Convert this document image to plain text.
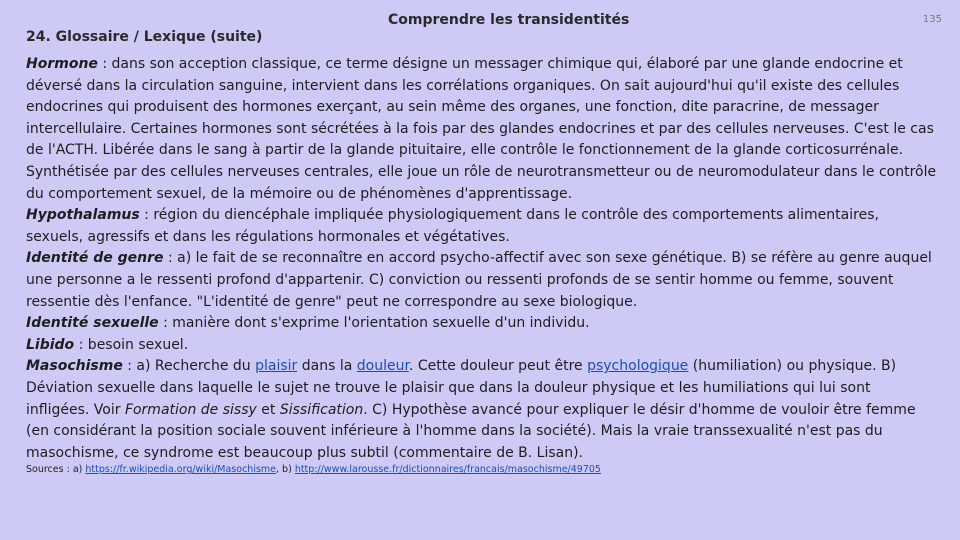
24. Glossaire / Lexique (suite)
Comprendre les transidentités	135

Hormone : dans son acception classique, ce terme désigne un messager chimique qui, élaboré par une glande endocrine et déversé dans la circulation sanguine, intervient dans les corrélations organiques. On sait aujourd'hui qu'il existe des cellules endocrines qui produisent des hormones exerçant, au sein même des organes, une fonction, dite paracrine, de messager intercellulaire. Certaines hormones sont sécrétées à la fois par des glandes endocrines et par des cellules nerveuses. C'est le cas de l'ACTH. Libérée dans le sang à partir de la glande pituitaire, elle contrôle le fonctionnement de la glande corticosurrénale. Synthétisée par des cellules nerveuses centrales, elle joue un rôle de neurotransmetteur ou de neuromodulateur dans le contrôle du comportement sexuel, de la mémoire ou de phénomènes d'apprentissage.

Hypothalamus : région du diencéphale impliquée physiologiquement dans le contrôle des comportements alimentaires, sexuels, agressifs et dans les régulations hormonales et végétatives.

Identité de genre : a) le fait de se reconnaître en accord psycho-affectif avec son sexe génétique. B) se réfère au genre auquel une personne a le ressenti profond d'appartenir. C) conviction ou ressenti profonds de se sentir homme ou femme, souvent ressentie dès l'enfance. "L'identité de genre" peut ne correspondre au sexe biologique.

Identité sexuelle : manière dont s'exprime l'orientation sexuelle d'un individu.

Libido : besoin sexuel.

Masochisme : a) Recherche du plaisir dans la douleur. Cette douleur peut être psychologique (humiliation) ou physique. B) Déviation sexuelle dans laquelle le sujet ne trouve le plaisir que dans la douleur physique et les humiliations qui lui sont infligées. Voir Formation de sissy et Sissification. C) Hypothèse avancé pour expliquer le désir d'homme de vouloir être femme (en considérant la position sociale souvent inférieure à l'homme dans la société). Mais la vraie transsexualité n'est pas du masochisme, ce syndrome est beaucoup plus subtil (commentaire de B. Lisan).

Sources : a) https://fr.wikipedia.org/wiki/Masochisme, b) http://www.larousse.fr/dictionnaires/francais/masochisme/49705
